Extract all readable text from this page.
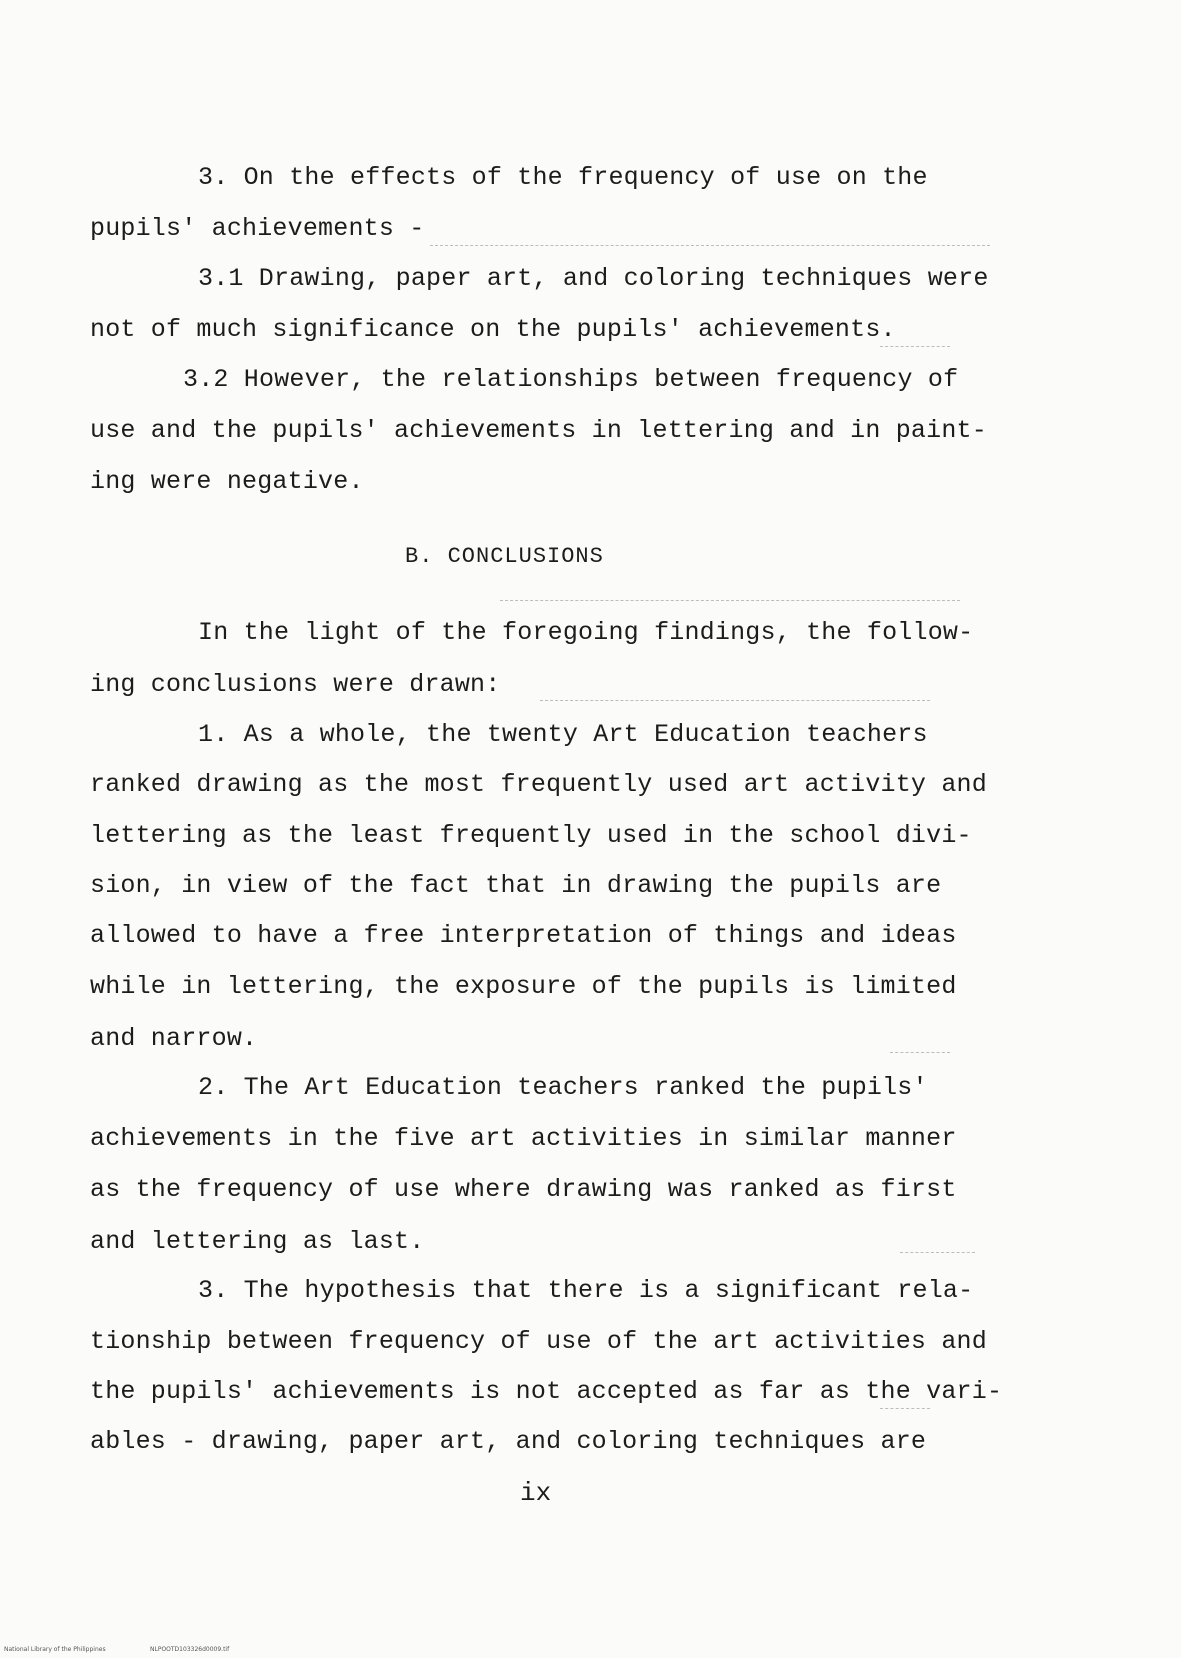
3. On the effects of the frequency of use on the
pupils' achievements -
3.1 Drawing, paper art, and coloring techniques were
not of much significance on the pupils' achievements.
3.2 However, the relationships between frequency of
use and the pupils' achievements in lettering and in paint-
ing were negative.
B. CONCLUSIONS
In the light of the foregoing findings, the follow-
ing conclusions were drawn:
1. As a whole, the twenty Art Education teachers
ranked drawing as the most frequently used art activity and
lettering as the least frequently used in the school divi-
sion, in view of the fact that in drawing the pupils are
allowed to have a free interpretation of things and ideas
while in lettering, the exposure of the pupils is limited
and narrow.
2. The Art Education teachers ranked the pupils'
achievements in the five art activities in similar manner
as the frequency of use where drawing was ranked as first
and lettering as last.
3. The hypothesis that there is a significant rela-
tionship between frequency of use of the art activities and
the pupils' achievements is not accepted as far as the vari-
ables - drawing, paper art, and coloring techniques are
ix
National Library of the Philippines	NLPOOTD103326d0009.tif
